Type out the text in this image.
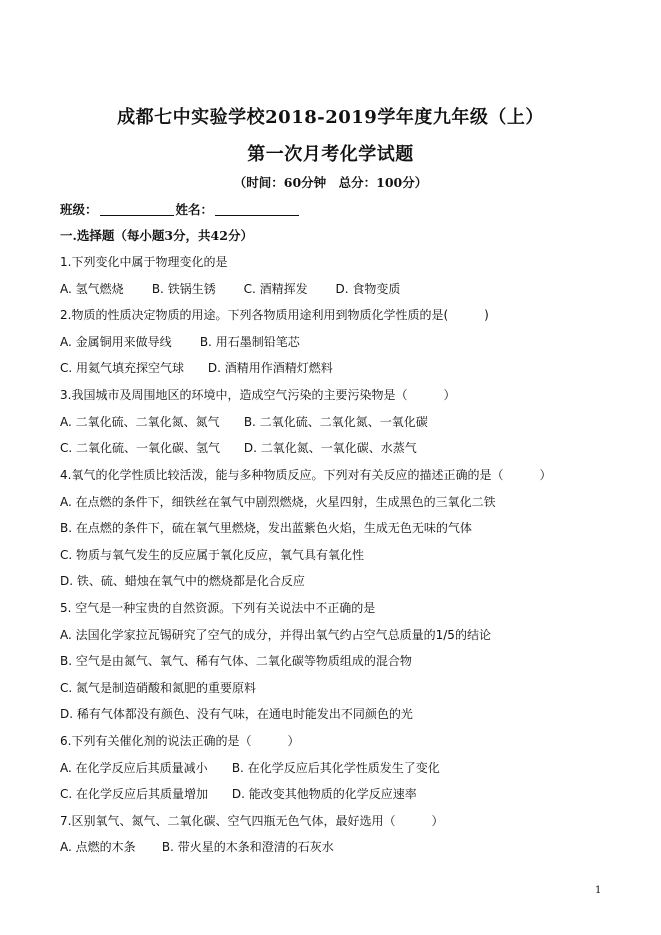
成都七中实验学校2018-2019学年度九年级（上）
第一次月考化学试题
（时间：60分钟　总分：100分）
班级：	姓名：
一.选择题（每小题3分，共42分）
1.下列变化中属于物理变化的是
A. 氢气燃烧 B. 铁锅生锈 C. 酒精挥发 D. 食物变质
2.物质的性质决定物质的用途。下列各物质用途利用到物质化学性质的是(　　　)
A. 金属铜用来做导线 B. 用石墨制铅笔芯
C. 用氦气填充探空气球 D. 酒精用作酒精灯燃料
3.我国城市及周围地区的环境中，造成空气污染的主要污染物是（　　　）
A. 二氧化硫、二氧化氮、氮气 B. 二氧化硫、二氧化氮、一氧化碳
C. 二氧化硫、一氧化碳、氢气 D. 二氧化氮、一氧化碳、水蒸气
4.氧气的化学性质比较活泼，能与多种物质反应。下列对有关反应的描述正确的是（　　　）
A. 在点燃的条件下，细铁丝在氧气中剧烈燃烧，火星四射，生成黑色的三氧化二铁
B. 在点燃的条件下，硫在氧气里燃烧，发出蓝紫色火焰，生成无色无味的气体
C. 物质与氧气发生的反应属于氧化反应，氧气具有氧化性
D. 铁、硫、蜡烛在氧气中的燃烧都是化合反应
5. 空气是一种宝贵的自然资源。下列有关说法中不正确的是
A. 法国化学家拉瓦锡研究了空气的成分，并得出氧气约占空气总质量的1/5的结论
B. 空气是由氮气、氧气、稀有气体、二氧化碳等物质组成的混合物
C. 氮气是制造硝酸和氮肥的重要原料
D. 稀有气体都没有颜色、没有气味，在通电时能发出不同颜色的光
6.下列有关催化剂的说法正确的是（　　　）
A. 在化学反应后其质量减小 B. 在化学反应后其化学性质发生了变化
C. 在化学反应后其质量增加 D. 能改变其他物质的化学反应速率
7.区别氧气、氮气、二氧化碳、空气四瓶无色气体，最好选用（　　　）
A. 点燃的木条 B. 带火星的木条和澄清的石灰水
1
